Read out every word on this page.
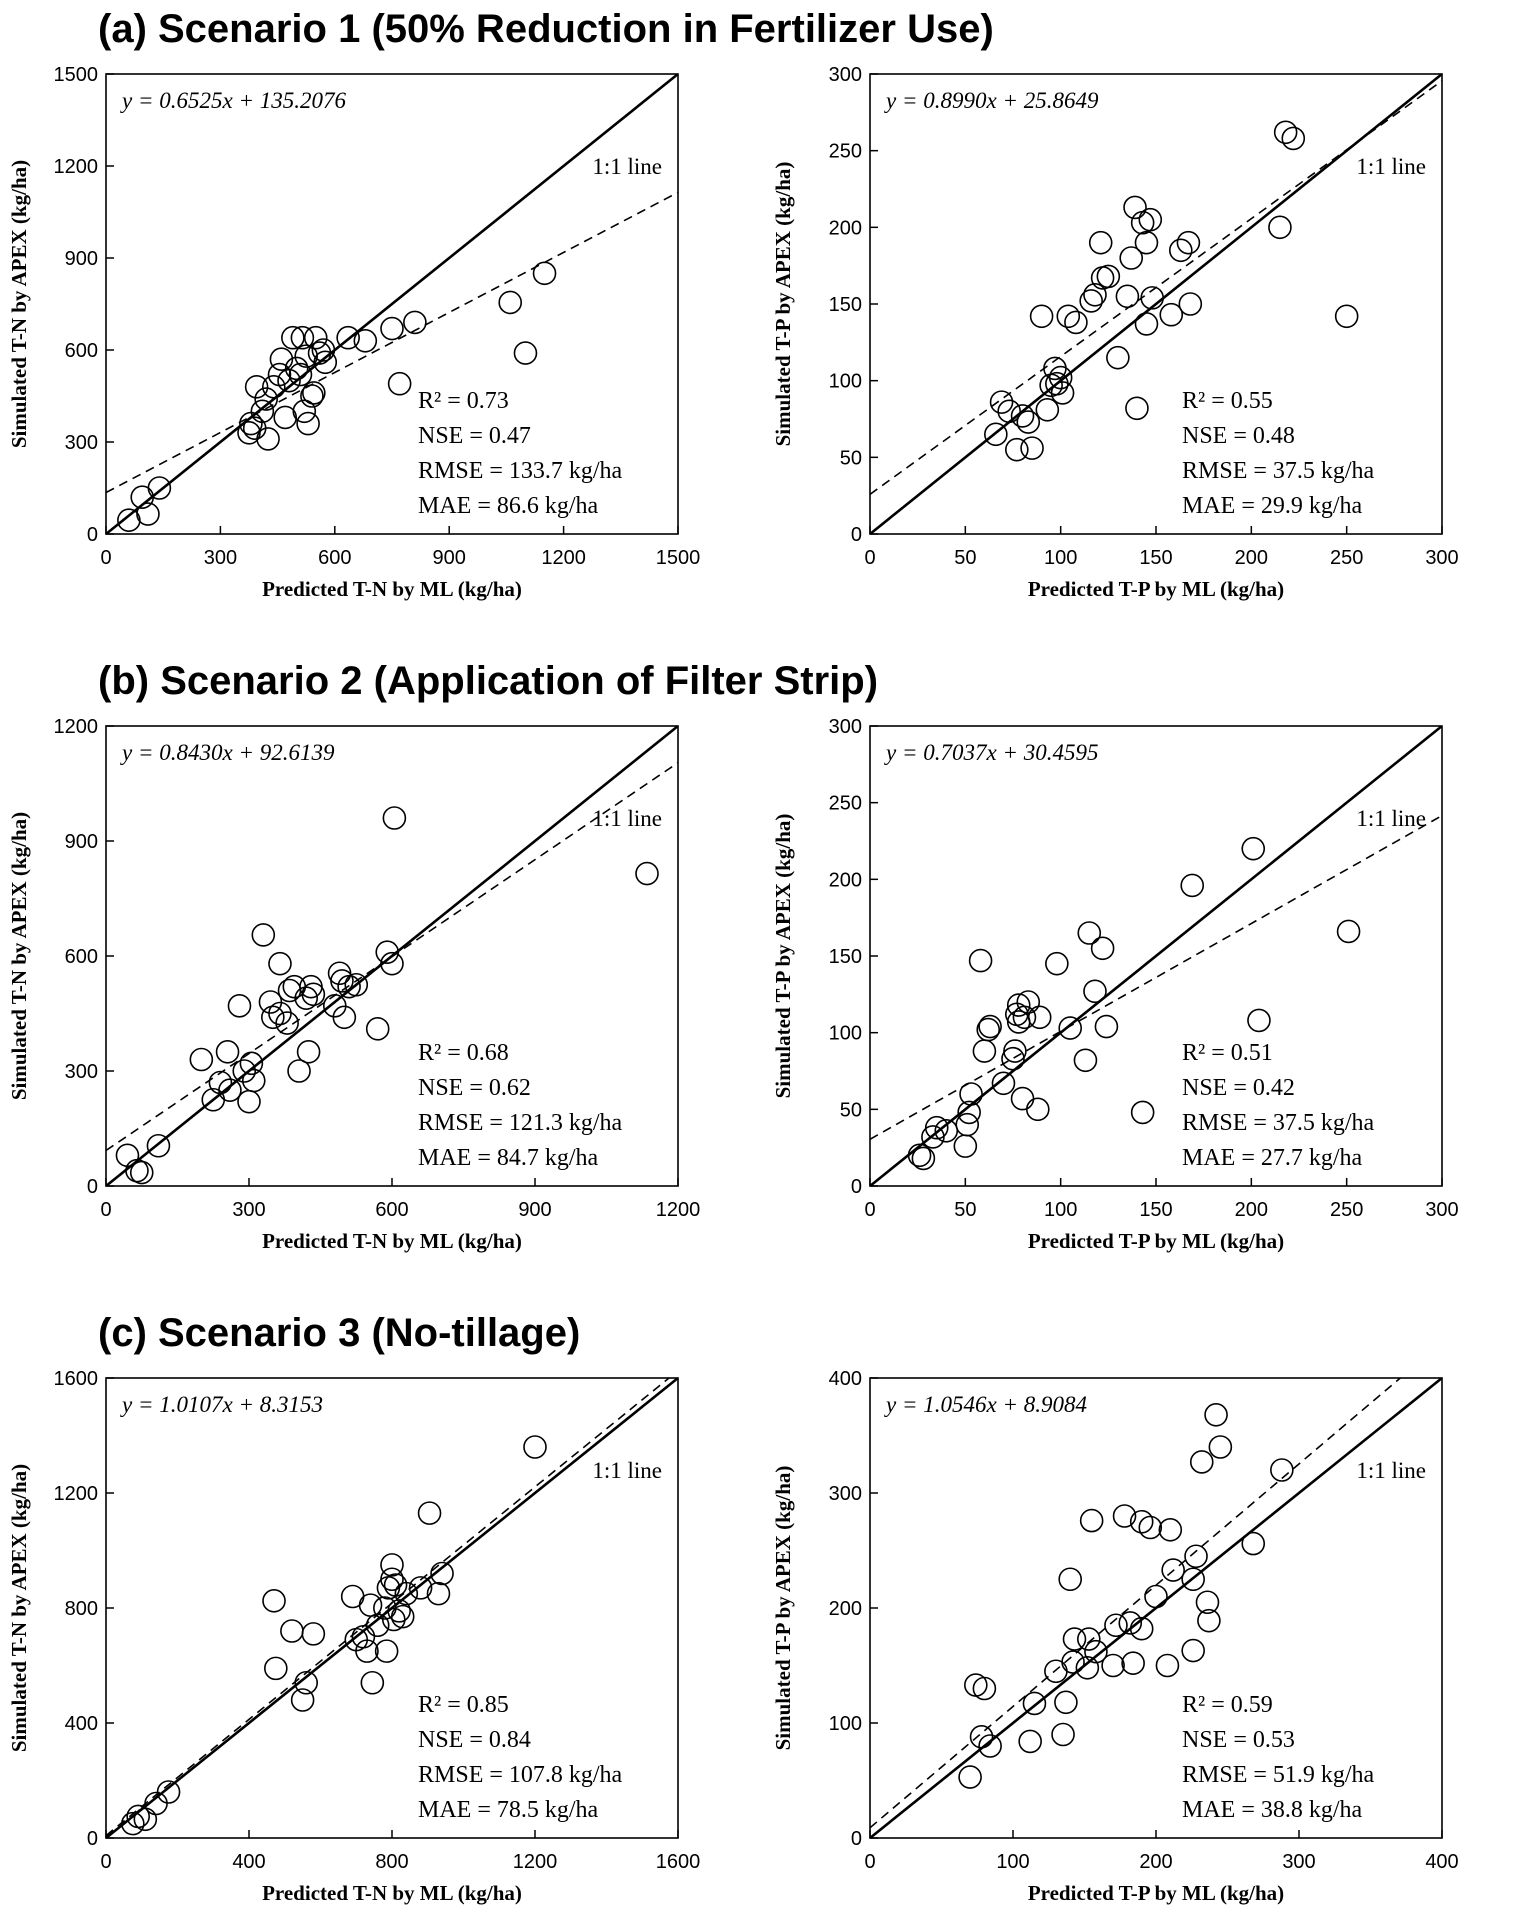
(a) Scenario 1 (50% Reduction in Fertilizer Use)
(b) Scenario 2 (Application of Filter Strip)
(c) Scenario 3 (No-tillage)
0	300	600	900	1200	1500
0
300
600
900
1200
1500
Predicted T-N by ML (kg/ha)
Simulated T-N by APEX (kg/ha)
y = 0.6525x + 135.2076
1:1 line
R² = 0.73
NSE = 0.47
RMSE = 133.7 kg/ha
MAE = 86.6 kg/ha
0	50	100	150	200	250	300
0
50
100
150
200
250
300
Predicted T-P by ML (kg/ha)
Simulated T-P by APEX (kg/ha)
y = 0.8990x + 25.8649
1:1 line
R² = 0.55
NSE = 0.48
RMSE = 37.5 kg/ha
MAE = 29.9 kg/ha
0	300	600	900	1200
0
300
600
900
1200
Predicted T-N by ML (kg/ha)
Simulated T-N by APEX (kg/ha)
y = 0.8430x + 92.6139
1:1 line
R² = 0.68
NSE = 0.62
RMSE = 121.3 kg/ha
MAE = 84.7 kg/ha
0	50	100	150	200	250	300
0
50
100
150
200
250
300
Predicted T-P by ML (kg/ha)
Simulated T-P by APEX (kg/ha)
y = 0.7037x + 30.4595
1:1 line
R² = 0.51
NSE = 0.42
RMSE = 37.5 kg/ha
MAE = 27.7 kg/ha
0	400	800	1200	1600
0
400
800
1200
1600
Predicted T-N by ML (kg/ha)
Simulated T-N by APEX (kg/ha)
y = 1.0107x + 8.3153
1:1 line
R² = 0.85
NSE = 0.84
RMSE = 107.8 kg/ha
MAE = 78.5 kg/ha
0	100	200	300	400
0
100
200
300
400
Predicted T-P by ML (kg/ha)
Simulated T-P by APEX (kg/ha)
y = 1.0546x + 8.9084
1:1 line
R² = 0.59
NSE = 0.53
RMSE = 51.9 kg/ha
MAE = 38.8 kg/ha
